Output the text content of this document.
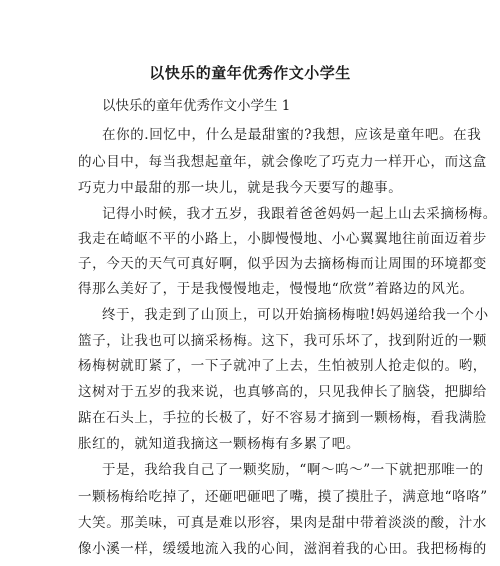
以快乐的童年优秀作文小学生
以快乐的童年优秀作文小学生 1
在你的.回忆中，什么是最甜蜜的?我想，应该是童年吧。在我
的心目中，每当我想起童年，就会像吃了巧克力一样开心，而这盒
巧克力中最甜的那一块儿，就是我今天要写的趣事。
记得小时候，我才五岁，我跟着爸爸妈妈一起上山去采摘杨梅。
我走在崎岖不平的小路上，小脚慢慢地、小心翼翼地往前面迈着步
子，今天的天气可真好啊，似乎因为去摘杨梅而让周围的环境都变
得那么美好了，于是我慢慢地走，慢慢地“欣赏”着路边的风光。
终于，我走到了山顶上，可以开始摘杨梅啦!妈妈递给我一个小
篮子，让我也可以摘采杨梅。这下，我可乐坏了，找到附近的一颗
杨梅树就盯紧了，一下子就冲了上去，生怕被别人抢走似的。哟，
这树对于五岁的我来说，也真够高的，只见我伸长了脑袋，把脚给
踮在石头上，手拉的长极了，好不容易才摘到一颗杨梅，看我满脸
胀红的，就知道我摘这一颗杨梅有多累了吧。
于是，我给我自己了一颗奖励，“啊～呜～”一下就把那唯一的
一颗杨梅给吃掉了，还砸吧砸吧了嘴，摸了摸肚子，满意地“咯咯”
大笑。那美味，可真是难以形容，果肉是甜中带着淡淡的酸，汁水
像小溪一样，缓缓地流入我的心间，滋润着我的心田。我把杨梅的
